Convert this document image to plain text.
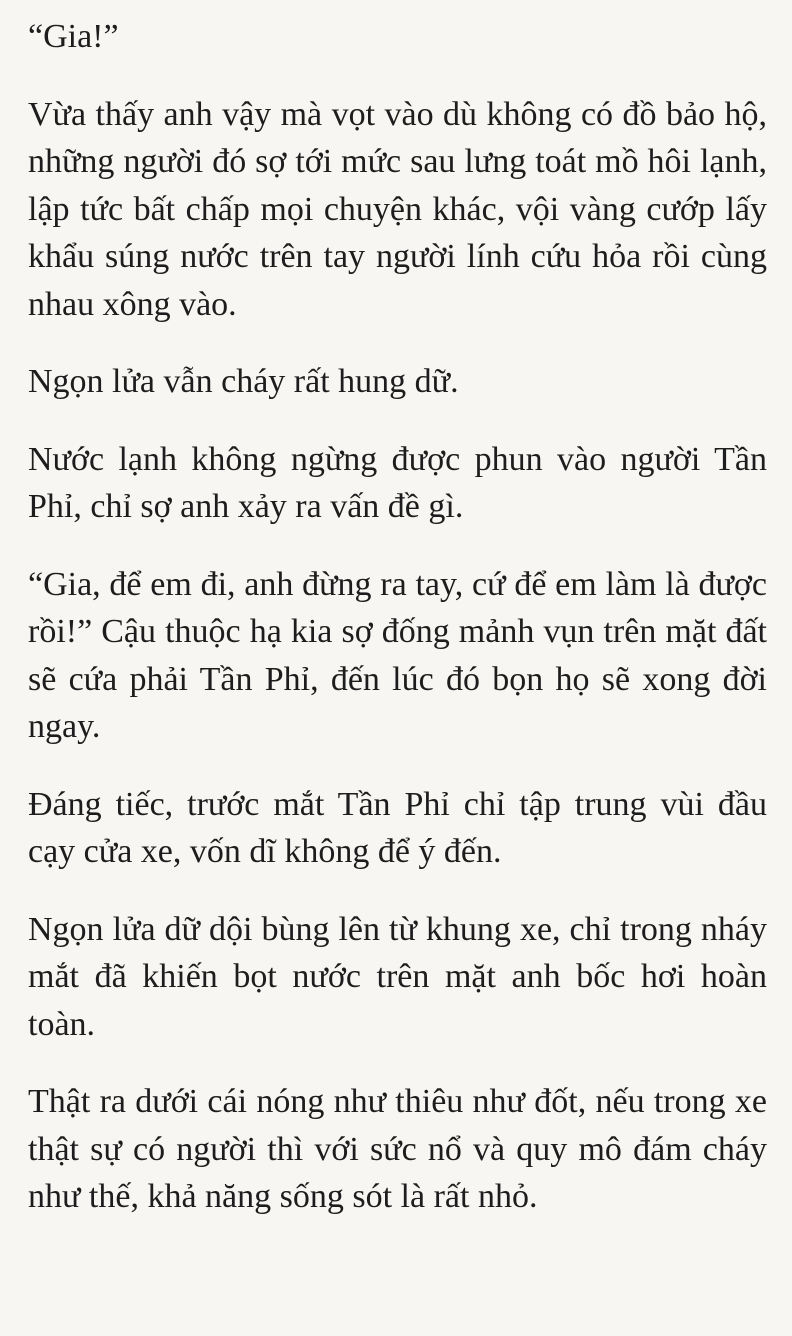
“Gia!”

Vừa thấy anh vậy mà vọt vào dù không có đồ bảo hộ, những người đó sợ tới mức sau lưng toát mồ hôi lạnh, lập tức bất chấp mọi chuyện khác, vội vàng cướp lấy khẩu súng nước trên tay người lính cứu hỏa rồi cùng nhau xông vào.

Ngọn lửa vẫn cháy rất hung dữ.

Nước lạnh không ngừng được phun vào người Tần Phỉ, chỉ sợ anh xảy ra vấn đề gì.

“Gia, để em đi, anh đừng ra tay, cứ để em làm là được rồi!” Cậu thuộc hạ kia sợ đống mảnh vụn trên mặt đất sẽ cứa phải Tần Phỉ, đến lúc đó bọn họ sẽ xong đời ngay.

Đáng tiếc, trước mắt Tần Phỉ chỉ tập trung vùi đầu cạy cửa xe, vốn dĩ không để ý đến.

Ngọn lửa dữ dội bùng lên từ khung xe, chỉ trong nháy mắt đã khiến bọt nước trên mặt anh bốc hơi hoàn toàn.

Thật ra dưới cái nóng như thiêu như đốt, nếu trong xe thật sự có người thì với sức nổ và quy mô đám cháy như thế, khả năng sống sót là rất nhỏ.
